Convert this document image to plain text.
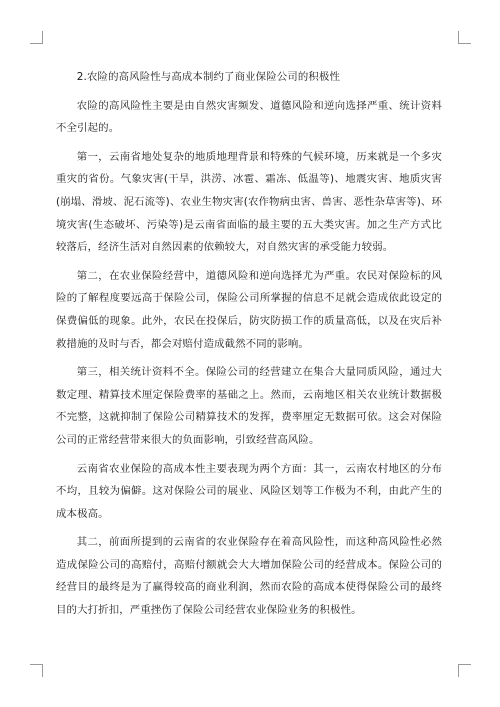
2.农险的高风险性与高成本制约了商业保险公司的积极性

农险的高风险性主要是由自然灾害频发、道德风险和逆向选择严重、统计资料不全引起的。

第一，云南省地处复杂的地质地理背景和特殊的气候环境，历来就是一个多灾重灾的省份。气象灾害(干旱，洪涝、冰雹、霜冻、低温等)、地震灾害、地质灾害(崩塌、滑坡、泥石流等)、农业生物灾害(农作物病虫害、兽害、恶性杂草害等)、环境灾害(生态破坏、污染等)是云南省面临的最主要的五大类灾害。加之生产方式比较落后，经济生活对自然因素的依赖较大，对自然灾害的承受能力较弱。

第二，在农业保险经营中，道德风险和逆向选择尤为严重。农民对保险标的风险的了解程度要远高于保险公司，保险公司所掌握的信息不足就会造成依此设定的保费偏低的现象。此外，农民在投保后，防灾防损工作的质量高低，以及在灾后补救措施的及时与否，都会对赔付造成截然不同的影响。

第三，相关统计资料不全。保险公司的经营建立在集合大量同质风险，通过大数定理、精算技术厘定保险费率的基础之上。然而，云南地区相关农业统计数据极不完整，这就抑制了保险公司精算技术的发挥，费率厘定无数据可依。这会对保险公司的正常经营带来很大的负面影响，引致经营高风险。

云南省农业保险的高成本性主要表现为两个方面：其一，云南农村地区的分布不均，且较为偏僻。这对保险公司的展业、风险区划等工作极为不利，由此产生的成本极高。

其二，前面所提到的云南省的农业保险存在着高风险性，而这种高风险性必然造成保险公司的高赔付，高赔付额就会大大增加保险公司的经营成本。保险公司的经营目的最终是为了赢得较高的商业利润，然而农险的高成本使得保险公司的最终目的大打折扣，严重挫伤了保险公司经营农业保险业务的积极性。
